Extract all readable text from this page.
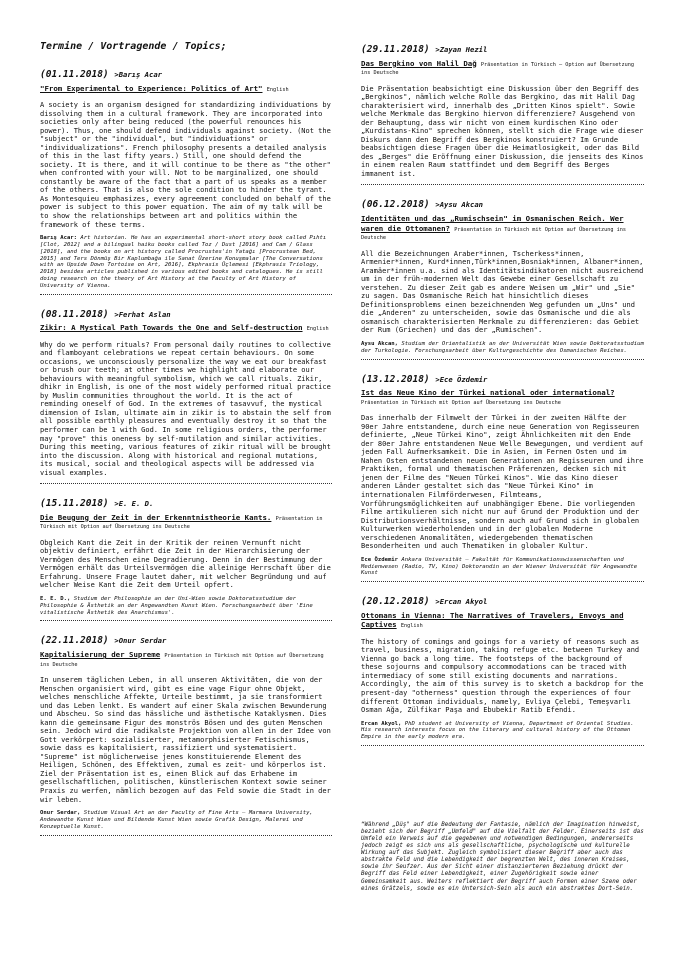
Termine / Vortragende / Topics;
(01.11.2018) >Barış Acar
"From Experimental to Experience: Politics of Art" English

A society is an organism designed for standardizing individuations by dissolving them in a cultural framework. They are incorporated into societies only after being reduced (the powerful renounces his power). Thus, one should defend individuals against society. (Not the "subject" or the "individual", but "individuations" or "individualizations". French philosophy presents a detailed analysis of this in the last fifty years.) Still, one should defend the society. It is there, and it will continue to be there as "the other" when confronted with your will. Not to be marginalized, one should constantly be aware of the fact that a part of us speaks as a member of the others. That is also the sole condition to hinder the tyrant. As Montesquieu emphasizes, every agreement concluded on behalf of the power is subject to this power equation. The aim of my talk will be to show the relationships between art and politics within the framework of these terms.

Barış Acar: Art historian. He has an experimental short-short story book called Pıhtı [Clot, 2012] and a bilingual haiku books called Toz / Dust [2016] and Cam / Glass [2018], and the books on art history called Procrustes'in Yatağı [Procrustean Bed, 2015] and Ters Dönmüş Bir Kaplumbağa ile Sanat Üzerine Konuşmalar [The Conversations with an Upside Down Tortoise on Art, 2016], Ekphrasis Üçlemesi [Ekphrasis Triology, 2018] besides articles published in various edited books and catalogues. He is still doing research on the theory of Art History at the Faculty of Art History of University of Vienna.

(08.11.2018) >Ferhat Aslan
Zikir: A Mystical Path Towards the One and Self-destruction English

Why do we perform rituals? From personal daily routines to collective and flamboyant celebrations we repeat certain behaviours. On some occasions, we unconsciously personalize the way we eat our breakfast or brush our teeth; at other times we highlight and elaborate our behaviours with meaningful symbolism, which we call rituals. Zikir, dhikr in English, is one of the most widely performed ritual practice by Muslim communities throughout the world. It is the act of reminding oneself of God. In the extremes of tasavvuf, the mystical dimension of Islam, ultimate aim in zikir is to abstain the self from all possible earthly pleasures and eventually destroy it so that the performer can be 1 with God. In some religious orders, the performer may "prove" this oneness by self-mutilation and similar activities. During this meeting, various features of zikir ritual will be brought into the discussion. Along with historical and regional mutations, its musical, social and theological aspects will be addressed via visual examples.

(15.11.2018) >E. E. D.
Die Beugung der Zeit in der Erkenntnistheorie Kants. Präsentation in Türkisch mit Option auf Übersetzung ins Deutsche

Obgleich Kant die Zeit in der Kritik der reinen Vernunft nicht objektiv definiert, erfährt die Zeit in der Hierarchisierung der Vermögen des Menschen eine Degradierung. Denn in der Bestimmung der Vermögen erhält das Urteilsvermögen die alleinige Herrschaft über die Erfahrung. Unsere Frage lautet daher, mit welcher Begründung und auf welcher Weise Kant die Zeit dem Urteil opfert.

E. E. D., Studium der Philosophie an der Uni-Wien sowie Doktoratsstudium der Philosophie & Ästhetik an der Angewandten Kunst Wien. Forschungsarbeit über 'Eine vitalistische Ästhetik des Anarchismus'.

(22.11.2018) >Onur Serdar
Kapitalisierung der Supreme Präsentation in Türkisch mit Option auf Übersetzung ins Deutsche

In unserem täglichen Leben, in all unseren Aktivitäten, die von der Menschen organisiert wird, gibt es eine vage Figur ohne Objekt, welches menschliche Affekte, Urteile bestimmt, ja sie transformiert und das Leben lenkt. Es wandert auf einer Skala zwischen Bewunderung und Abscheu. So sind das hässliche und ästhetische Kataklysmen. Dies kann die gemeinsame Figur des monströs Bösen und des guten Menschen sein. Jedoch wird die radikalste Projektion von allen in der Idee von Gott verkörpert: sozialisierter, metamorphisierter Fetischismus, sowie dass es kapitalisiert, rassifiziert und systematisiert. "Supreme" ist möglicherweise jenes konstituierende Element des Heiligen, Schönen, des Effektiven, zumal es zeit- und körperlos ist. Ziel der Präsentation ist es, einen Blick auf das Erhabene im gesellschaftlichen, politischen, künstlerischen Kontext sowie seiner Praxis zu werfen, nämlich bezogen auf das Feld sowie die Stadt in der wir leben.

Onur Serdar, Studium Visual Art an der Faculty of Fine Arts – Marmara University, Andewandte Kunst Wien und Bildende Kunst Wien sowie Grafik Design, Malerei und Konzeptuelle Kunst.

(29.11.2018) >Zayan Hezil
Das Bergkino von Halil Dağ Präsentation in Türkisch – Option auf Übersetzung ins Deutsche

Die Präsentation beabsichtigt eine Diskussion über den Begriff des „Bergkinos", nämlich welche Rolle das Bergkino, das mit Halil Dag charakterisiert wird, innerhalb des „Dritten Kinos spielt". Sowie welche Merkmale das Bergkino hiervon differenziere? Ausgehend von der Behauptung, dass wir nicht von einem kurdischen Kino oder „Kurdistans-Kino" sprechen können, stellt sich die Frage wie dieser Diskurs dann den Begriff des Bergkinos konstruiert? Im Grunde beabsichtigen diese Fragen über die Heimatlosigkeit, oder das Bild des „Berges" die Eröffnung einer Diskussion, die jenseits des Kinos in einem realen Raum stattfindet und dem Begriff des Berges immanent ist.

(06.12.2018) >Aysu Akcan
Identitäten und das „Rumischsein" im Osmanischen Reich. Wer waren die Ottomanen? Präsentation in Türkisch mit Option auf Übersetzung ins Deutsche

All die Bezeichnungen Araber*innen, Tscherkess*innen, Armenier*innen, Kurd*innen,Türk*innen,Bosniak*innen, Albaner*innen, Aramäer*innen u.a. sind als Identitätsindikatoren nicht ausreichend um in der früh-modernen Welt das Gewebe einer Gesellschaft zu verstehen. Zu dieser Zeit gab es andere Weisen um „Wir" und „Sie" zu sagen. Das Osmanische Reich hat hinsichtlich dieses Definitionsproblems einen bezeichnenden Weg gefunden um „Uns" und die „Anderen" zu unterscheiden, sowie das Osmanische und die als osmanisch charakterisierten Merkmale zu differenzieren: das Gebiet der Rum (Griechen) und das der „Rumischen".

Aysu Akcan, Studium der Orientalistik an der Universität Wien sowie Doktoratsstudium der Turkologie. Forschungsarbeit über Kulturgeschichte des Osmanischen Reiches.

(13.12.2018) >Ece Özdemir
Ist das Neue Kino der Türkei national oder international? Präsentation in Türkisch mit Option auf Übersetzung ins Deutsche

Das innerhalb der Filmwelt der Türkei in der zweiten Hälfte der 90er Jahre entstandene, durch eine neue Generation von Regisseuren definierte, „Neue Türkei Kino", zeigt Ähnlichkeiten mit den Ende der 80er Jahre entstandenen Neue Welle Bewegungen, und verdient auf jeden Fall Aufmerksamkeit. Die in Asien, im Fernen Osten und im Nahen Osten entstandenen neuen Generationen an Regisseuren und ihre Praktiken, formal und thematischen Präferenzen, decken sich mit jenen der Filme des "Neuen Türkei Kinos". Wie das Kino dieser anderen Länder gestaltet sich das "Neue Türkei Kino" im internationalen Filmförderwesen, Filmteams, Vorführungsmöglichkeiten auf unabhängiger Ebene. Die vorliegenden Filme artikulieren sich nicht nur auf Grund der Produktion und der Distributionsverhältnisse, sondern auch auf Grund sich in globalen Kulturwerken wiederholenden und in der globalen Moderne verschiedenen Anomalitäten, wiedergebenden thematischen Besonderheiten und auch Thematiken in globaler Kultur.

Ece Özdemir Ankara Universität – Fakultät für Kommunikationswissenschaften und Medienwesen (Radio, TV, Kino) Doktorandin an der Wiener Universität für Angewandte Kunst

(20.12.2018) >Ercan Akyol
Ottomans in Vienna: The Narratives of Travelers, Envoys and Captives English

The history of comings and goings for a variety of reasons such as travel, business, migration, taking refuge etc. between Turkey and Vienna go back a long time. The footsteps of the background of these sojourns and compulsory accommodations can be traced with intermediacy of some still existing documents and narrations. Accordingly, the aim of this survey is to sketch a backdrop for the present-day "otherness" question through the experiences of four different Ottoman individuals, namely, Evliya Çelebi, Temeşvarlı Osman Ağa, Zülfikar Paşa and Ebubekir Ratib Efendi.

Ercan Akyol, PhD student at University of Vienna, Department of Oriental Studies. His research interests focus on the literary and cultural history of the Ottoman Empire in the early modern era.

“Während „Düş" auf die Bedeutung der Fantasie, nämlich der Imagination hinweist, bezieht sich der Begriff „Umfeld" auf die Vielfalt der Felder. Einerseits ist das Umfeld ein Verweis auf die gegebenen und notwendigen Bedingungen, andererseits jedoch zeigt es sich uns als gesellschaftliche, psychologische und kulturelle Wirkung auf das Subjekt. Zugleich symbolisiert dieser Begriff aber auch das abstrakte Feld und die Lebendigkeit der begrenzten Welt, des inneren Kreises, sowie ihr Seufzer. Aus der Sicht einer distanzierteren Beziehung drückt der Begriff das Feld einer Lebendigkeit, einer Zugehörigkeit sowie einer Gemeinsamkeit aus. Weiters reflektiert der Begriff auch Formen einer Szene oder eines Grätzels, sowie es ein Untersich-Sein als auch ein abstraktes Dort-Sein.
